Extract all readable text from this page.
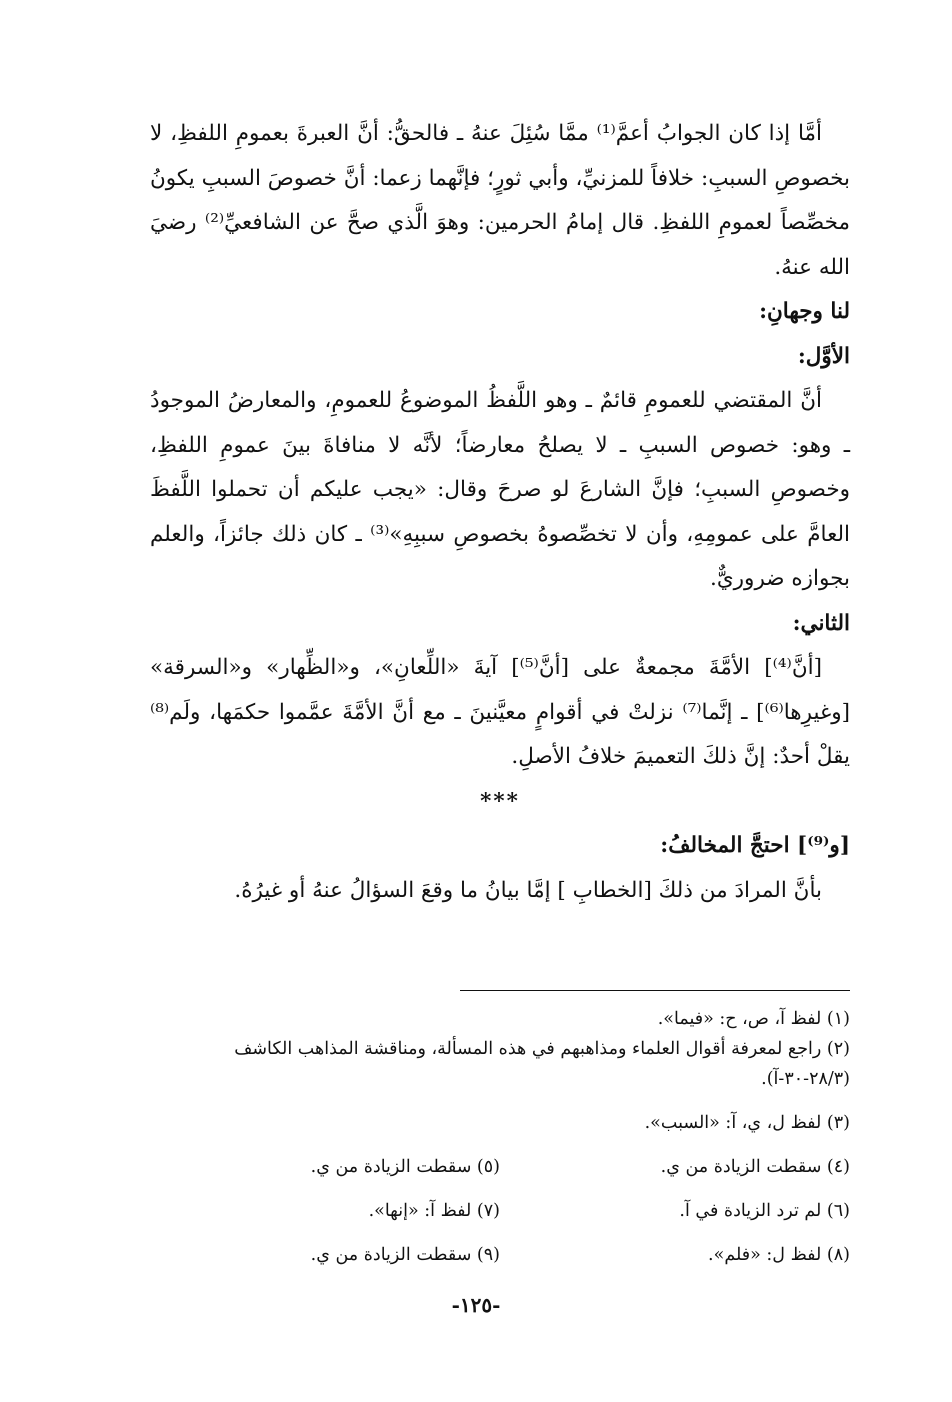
أمَّا إذا كان الجوابُ أعمَّ⁽¹⁾ ممَّا سُئِلَ عنهُ ـ فالحقُّ: أنَّ العبرةَ بعمومِ اللفظِ، لا بخصوصِ السببِ: خلافاً للمزنيِّ، وأبي ثورٍ؛ فإنَّهما زعما: أنَّ خصوصَ السببِ يكونُ مخصِّصاً لعمومِ اللفظِ. قال إمامُ الحرمين: وهوَ الَّذي صحَّ عن الشافعيِّ⁽²⁾ رضيَ الله عنهُ.

لنا وجهانِ:
الأوَّل:

أنَّ المقتضي للعمومِ قائمٌ ـ وهو اللَّفظُ الموضوعُ للعمومِ، والمعارضُ الموجودُ ـ وهو: خصوص السببِ ـ لا يصلحُ معارضاً؛ لأنَّه لا منافاةَ بينَ عمومِ اللفظِ، وخصوصِ السببِ؛ فإنَّ الشارعَ لو صرحَ وقال: «يجب عليكم أن تحملوا اللَّفظَ العامَّ على عمومِهِ، وأن لا تخصِّصوهُ بخصوصِ سببِهِ»⁽³⁾ ـ كان ذلك جائزاً، والعلم بجوازه ضروريٌّ.

الثاني:

[أنَّ⁽⁴⁾] الأمَّةَ مجمعةٌ على [أنَّ⁽⁵⁾] آيةَ «اللِّعانِ»، و«الظِّهار» و«السرقة» [وغيرِها⁽⁶⁾] ـ إنَّما⁽⁷⁾ نزلتْ في أقوامٍ معيَّنينَ ـ مع أنَّ الأمَّةَ عمَّموا حكمَها، ولَم⁽⁸⁾ يقلْ أحدٌ: إنَّ ذلكَ التعميمَ خلافُ الأصلِ.

***

[و⁽⁹⁾] احتجَّ المخالفُ:

بأنَّ المرادَ من ذلكَ [الخطابِ ] إمَّا بيانُ ما وقعَ السؤالُ عنهُ أو غيرُهُ.

(١) لفظ آ، ص، ح: «فيما».
(٢) راجع لمعرفة أقوال العلماء ومذاهبهم في هذه المسألة، ومناقشة المذاهب الكاشف
(٢٨/٣-٣٠-آ).
(٣) لفظ ل، ي، آ: «السبب».
(٤) سقطت الزيادة من ي.
(٥) سقطت الزيادة من ي.
(٦) لم ترد الزيادة في آ.
(٧) لفظ آ: «إنها».
(٨) لفظ ل: «فلم».
(٩) سقطت الزيادة من ي.
-١٢٥-
